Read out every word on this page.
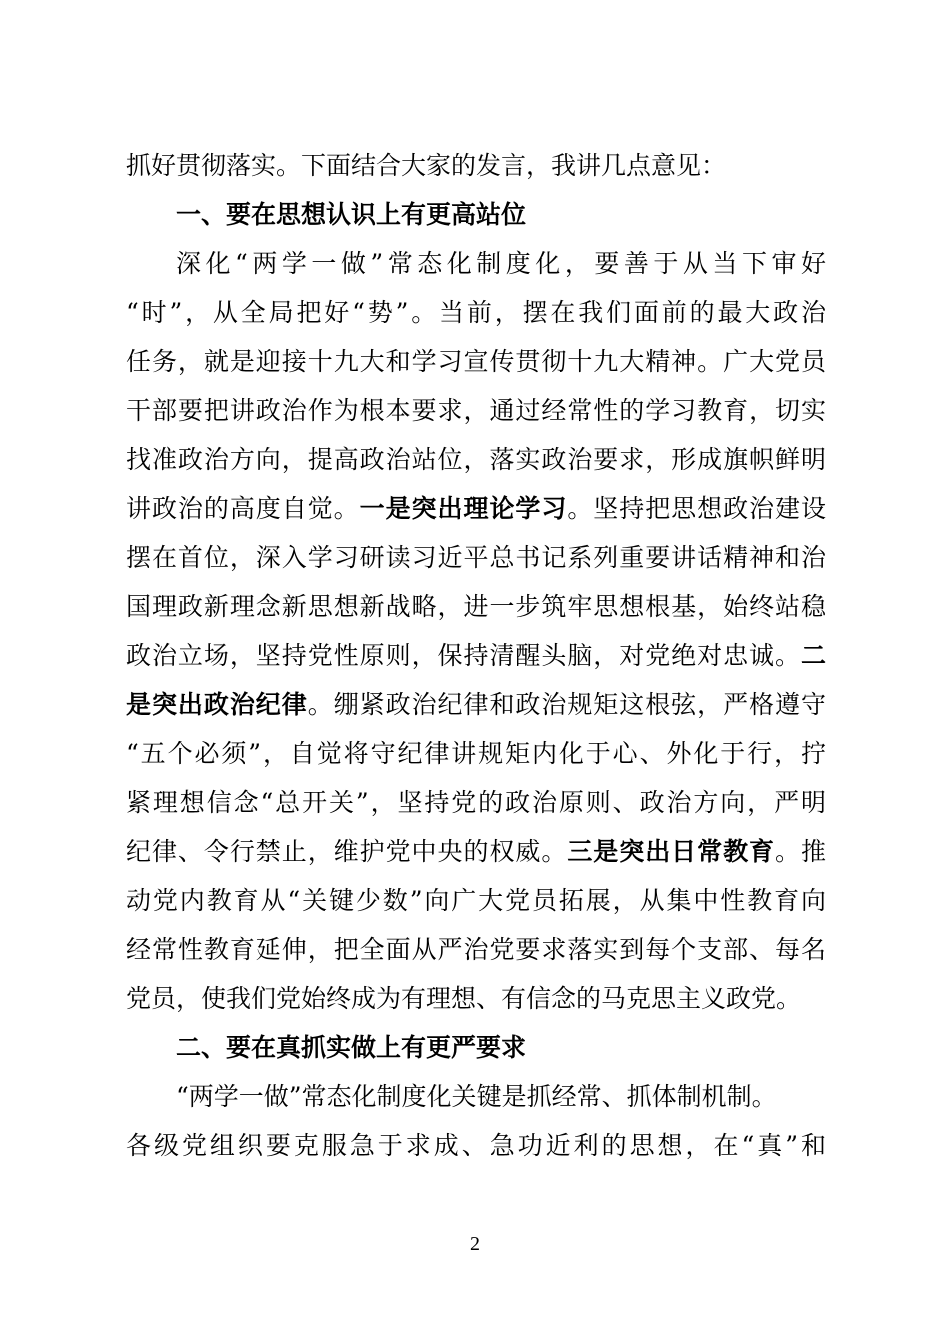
抓好贯彻落实。下面结合大家的发言，我讲几点意见：
一、要在思想认识上有更高站位
深化“两学一做”常态化制度化，要善于从当下审好
“时”，从全局把好“势”。当前，摆在我们面前的最大政治
任务，就是迎接十九大和学习宣传贯彻十九大精神。广大党员
干部要把讲政治作为根本要求，通过经常性的学习教育，切实
找准政治方向，提高政治站位，落实政治要求，形成旗帜鲜明
讲政治的高度自觉。一是突出理论学习。坚持把思想政治建设
摆在首位，深入学习研读习近平总书记系列重要讲话精神和治
国理政新理念新思想新战略，进一步筑牢思想根基，始终站稳
政治立场，坚持党性原则，保持清醒头脑，对党绝对忠诚。二
是突出政治纪律。绷紧政治纪律和政治规矩这根弦，严格遵守
“五个必须”，自觉将守纪律讲规矩内化于心、外化于行，拧
紧理想信念“总开关”，坚持党的政治原则、政治方向，严明
纪律、令行禁止，维护党中央的权威。三是突出日常教育。推
动党内教育从“关键少数”向广大党员拓展，从集中性教育向
经常性教育延伸，把全面从严治党要求落实到每个支部、每名
党员，使我们党始终成为有理想、有信念的马克思主义政党。
二、要在真抓实做上有更严要求
“两学一做”常态化制度化关键是抓经常、抓体制机制。
各级党组织要克服急于求成、急功近利的思想，在“真”和
2
